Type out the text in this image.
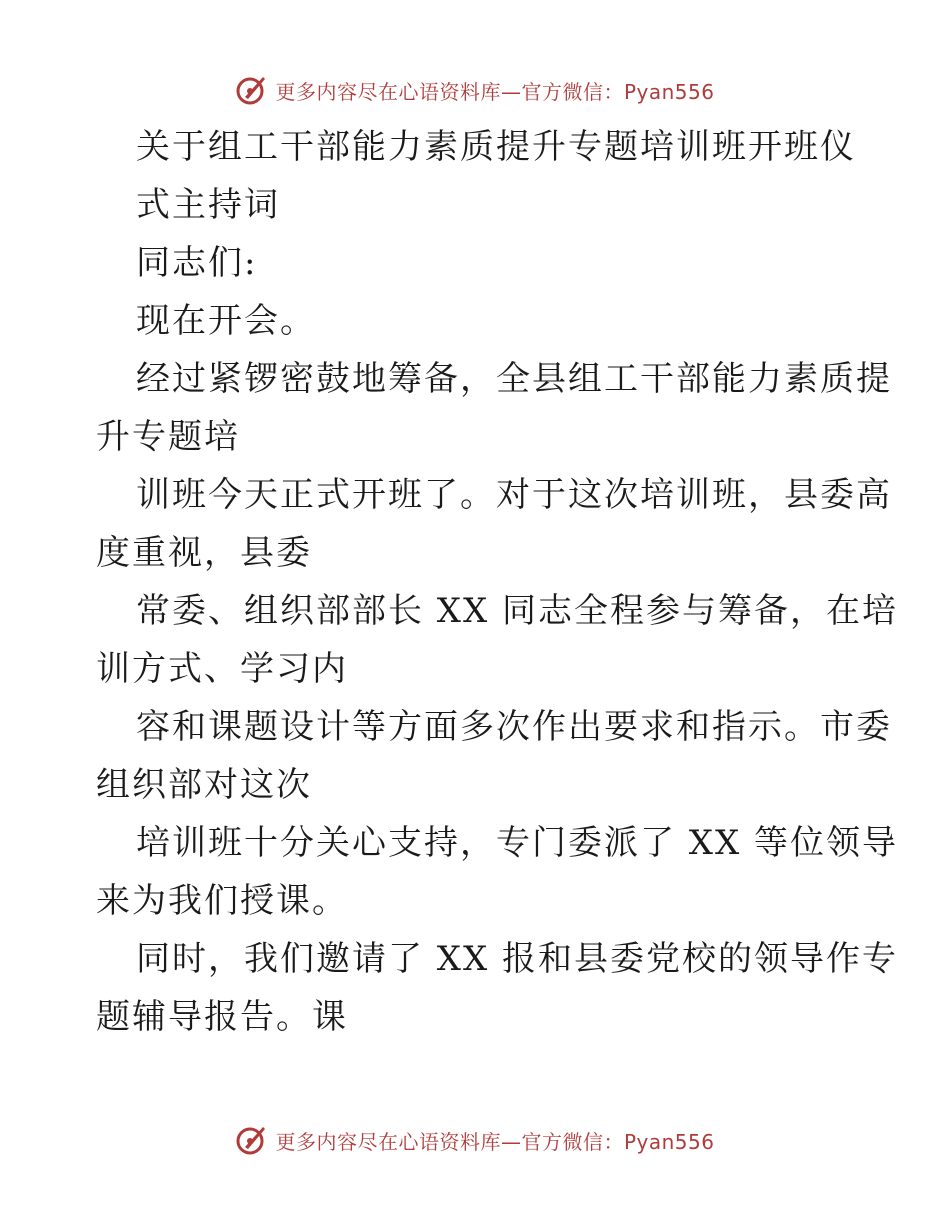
更多内容尽在心语资料库—官方微信：Pyan556
关于组工干部能力素质提升专题培训班开班仪
式主持词
同志们:
现在开会。
经过紧锣密鼓地筹备，全县组工干部能力素质提
升专题培
训班今天正式开班了。对于这次培训班，县委高
度重视，县委
常委、组织部部长 XX 同志全程参与筹备，在培
训方式、学习内
容和课题设计等方面多次作出要求和指示。市委
组织部对这次
培训班十分关心支持，专门委派了 XX 等位领导
来为我们授课。
同时，我们邀请了 XX 报和县委党校的领导作专
题辅导报告。课
更多内容尽在心语资料库—官方微信：Pyan556
